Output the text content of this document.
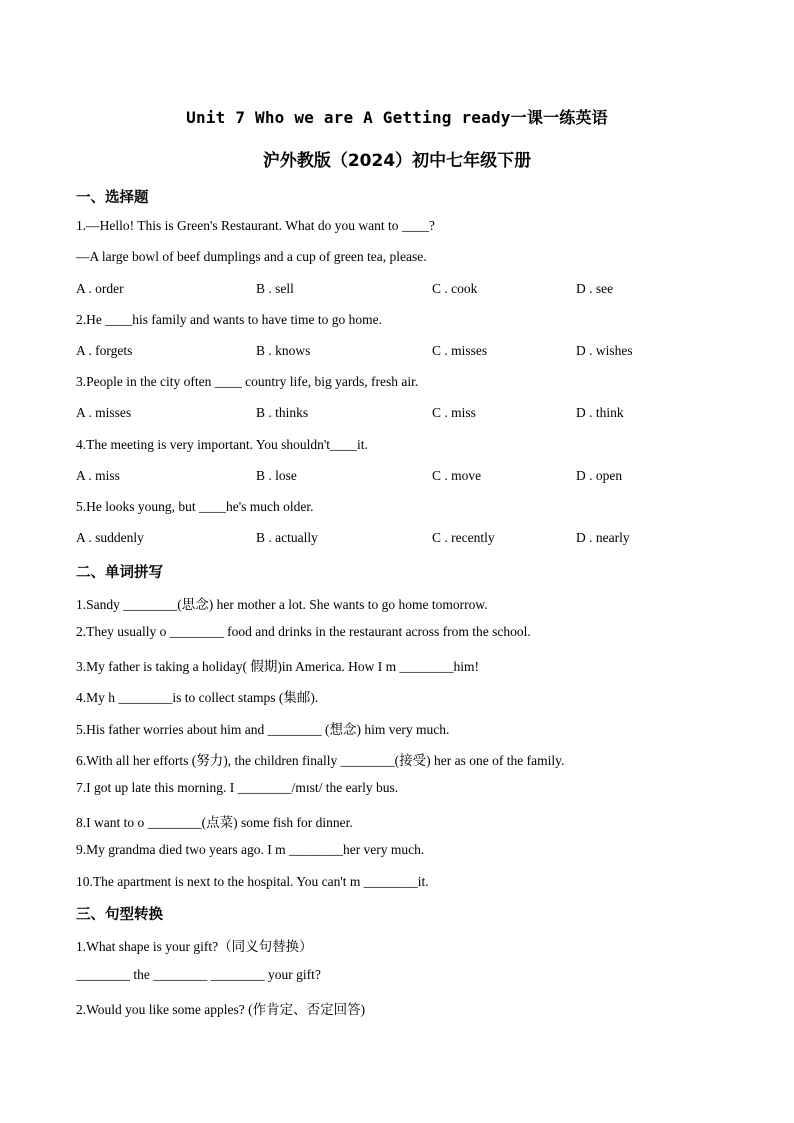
Unit 7 Who we are A Getting ready一课一练英语
沪外教版（2024）初中七年级下册
一、选择题
1.—Hello! This is Green's Restaurant. What do you want to ____?
—A large bowl of beef dumplings and a cup of green tea, please.
A . order	B . sell	C . cook	D . see
2.He ____his family and wants to have time to go home.
A . forgets	B . knows	C . misses	D . wishes
3.People in the city often ____ country life, big yards, fresh air.
A . misses	B . thinks	C . miss	D . think
4.The meeting is very important. You shouldn't____it.
A . miss	B . lose	C . move	D . open
5.He looks young, but ____he's much older.
A . suddenly	B . actually	C . recently	D . nearly
二、单词拼写
1.Sandy ________(思念) her mother a lot. She wants to go home tomorrow.
2.They usually o ________ food and drinks in the restaurant across from the school.
3.My father is taking a holiday( 假期)in America. How I m ________him!
4.My h ________is to collect stamps (集邮).
5.His father worries about him and ________ (想念) him very much.
6.With all her efforts (努力), the children finally ________(接受) her as one of the family.
7.I got up late this morning. I ________/mɪst/ the early bus.
8.I want to o ________(点菜) some fish for dinner.
9.My grandma died two years ago. I m ________her very much.
10.The apartment is next to the hospital. You can't m ________it.
三、句型转换
1.What shape is your gift?（同义句替换）
________ the ________ ________ your gift?
2.Would you like some apples? (作肯定、否定回答)
